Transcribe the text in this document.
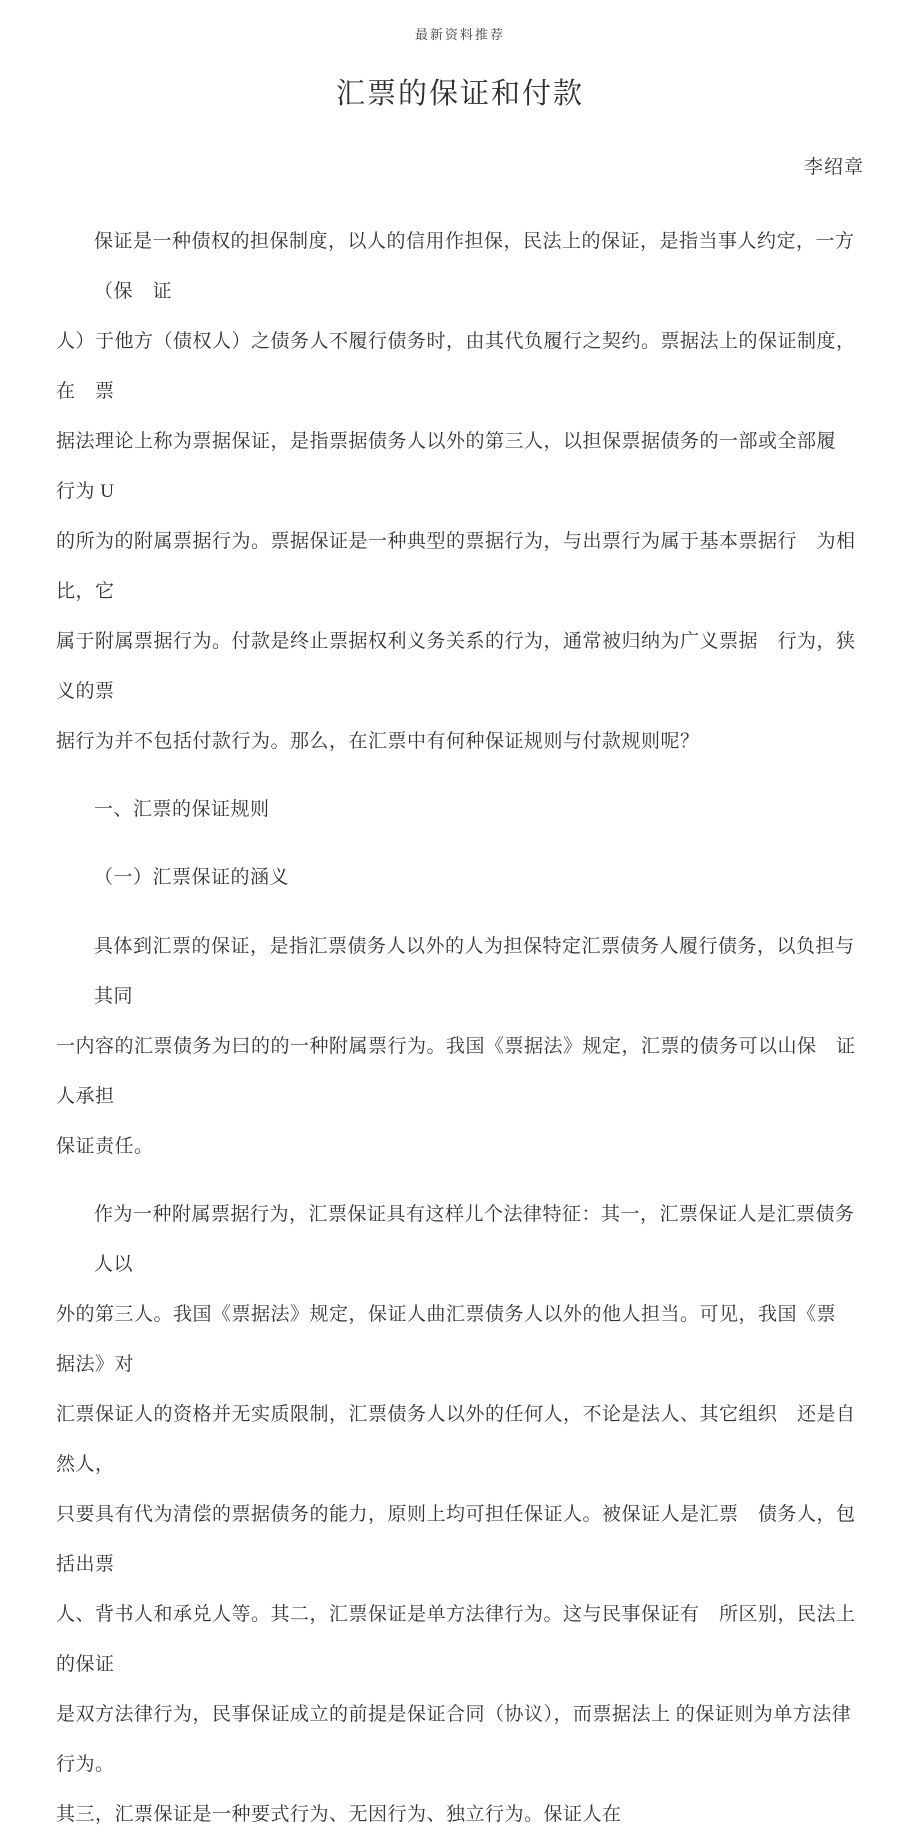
最新资料推荐
汇票的保证和付款
李绍章
保证是一种债权的担保制度，以人的信用作担保，民法上的保证，是指当事人约定，一方（保　证
人）于他方（债权人）之债务人不履行债务时，由其代负履行之契约。票据法上的保证制度，在　票
据法理论上称为票据保证，是指票据债务人以外的第三人，以担保票据债务的一部或全部履　行为 U
的所为的附属票据行为。票据保证是一种典型的票据行为，与出票行为属于基本票据行　为相比，它
属于附属票据行为。付款是终止票据权利义务关系的行为，通常被归纳为广义票据　行为，狭义的票
据行为并不包括付款行为。那么，在汇票中有何种保证规则与付款规则呢？
一、汇票的保证规则
（一）汇票保证的涵义
具体到汇票的保证，是指汇票债务人以外的人为担保特定汇票债务人履行债务，以负担与　其同
一内容的汇票债务为曰的的一种附属票行为。我国《票据法》规定，汇票的债务可以山保　证人承担
保证责任。
作为一种附属票据行为，汇票保证具有这样儿个法律特征：其一，汇票保证人是汇票债务　人以
外的第三人。我国《票据法》规定，保证人曲汇票债务人以外的他人担当。可见，我国《票　据法》对
汇票保证人的资格并无实质限制，汇票债务人以外的任何人，不论是法人、其它组织　还是自然人，
只要具有代为清偿的票据债务的能力，原则上均可担任保证人。被保证人是汇票　债务人，包括出票
人、背书人和承兑人等。其二，汇票保证是单方法律行为。这与民事保证有　所区别，民法上的保证
是双方法律行为，民事保证成立的前提是保证合同（协议），而票据法上 的保证则为单方法律行为。
其三，汇票保证是一种要式行为、无因行为、独立行为。保证人在
